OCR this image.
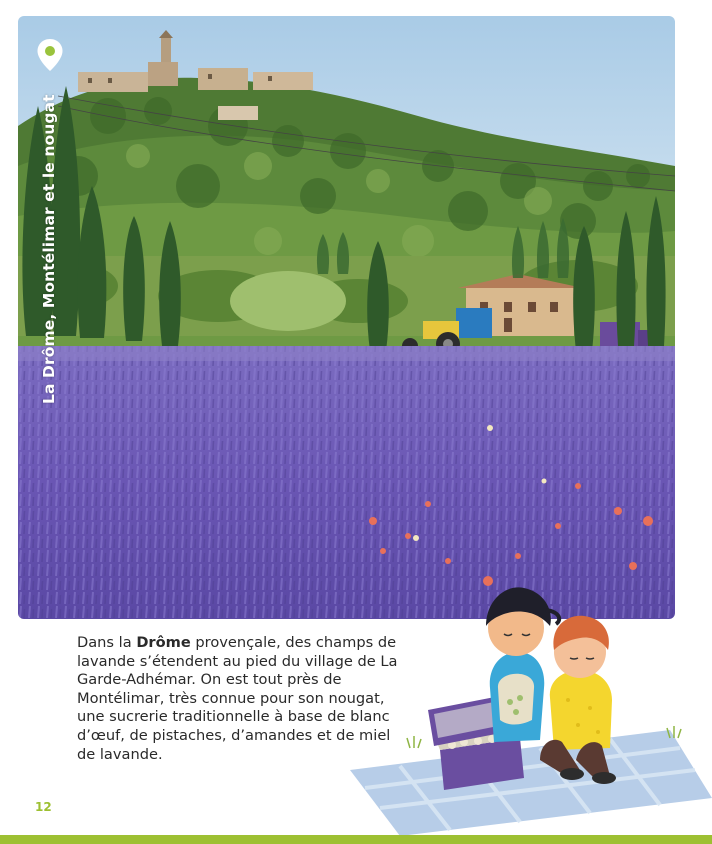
La Drôme, Montélimar et le nougat

Dans la Drôme provençale, des champs de lavande s’étendent au pied du village de La Garde-Adhémar. On est tout près de Montélimar, très connue pour son nougat, une sucrerie traditionnelle à base de blanc d’œuf, de pistaches, d’amandes et de miel de lavande.

12
